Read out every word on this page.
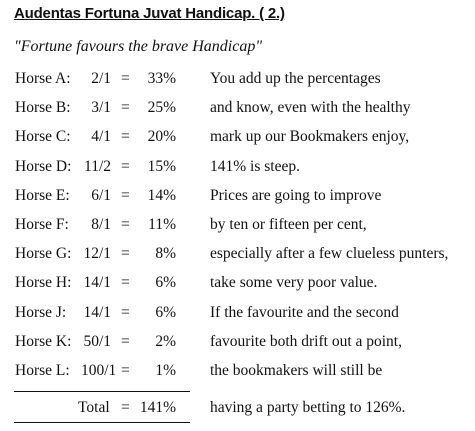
Audentas Fortuna Juvat Handicap. ( 2.)
"Fortune favours the brave Handicap"
Horse A:	2/1 =	33% You add up the percentages
Horse B:	3/1 =	25% and know, even with the healthy
Horse C:	4/1 =	20% mark up our Bookmakers enjoy,
Horse D: 11/2 =	15% 141% is steep.
Horse E:	6/1 =	14% Prices are going to improve
Horse F:	8/1 =	11% by ten or fifteen per cent,
Horse G: 12/1 =	8% especially after a few clueless punters,
Horse H: 14/1 =	6% take some very poor value.
Horse J: 14/1 =	6% If the favourite and the second
Horse K: 50/1 =	2% favourite both drift out a point,
Horse L: 100/1 =	1% the bookmakers will still be
Total = 141% having a party betting to 126%.
